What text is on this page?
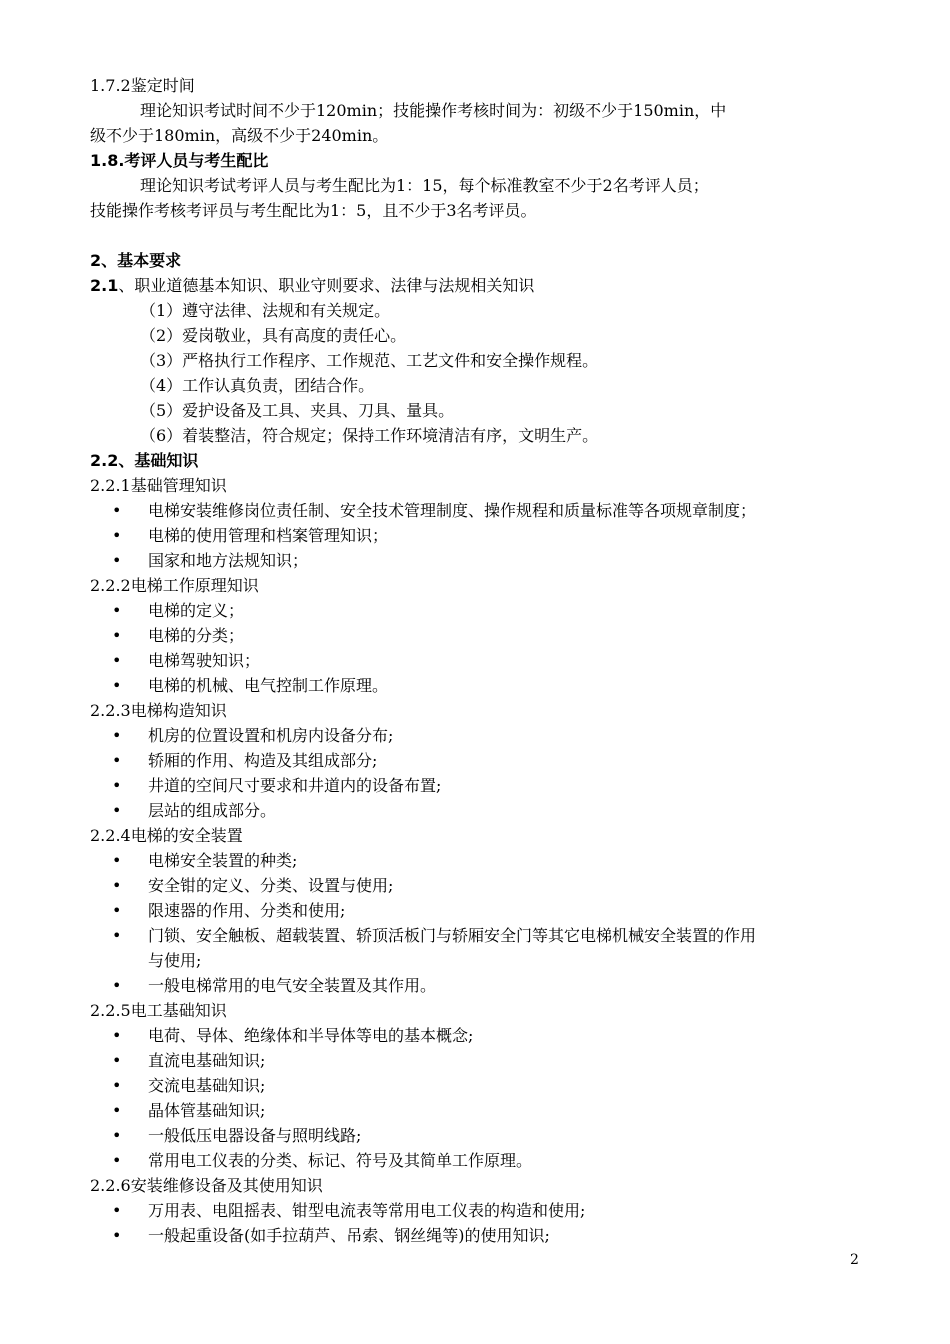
1.7.2鉴定时间
理论知识考试时间不少于120min；技能操作考核时间为：初级不少于150min，中
级不少于180min，高级不少于240min。
1.8.考评人员与考生配比
理论知识考试考评人员与考生配比为1：15，每个标准教室不少于2名考评人员；
技能操作考核考评员与考生配比为1：5，且不少于3名考评员。
2、基本要求
2.1、职业道德基本知识、职业守则要求、法律与法规相关知识
（1）遵守法律、法规和有关规定。
（2）爱岗敬业，具有高度的责任心。
（3）严格执行工作程序、工作规范、工艺文件和安全操作规程。
（4）工作认真负责，团结合作。
（5）爱护设备及工具、夹具、刀具、量具。
（6）着装整洁，符合规定；保持工作环境清洁有序，文明生产。
2.2、基础知识
2.2.1基础管理知识
• 电梯安装维修岗位责任制、安全技术管理制度、操作规程和质量标准等各项规章制度；
• 电梯的使用管理和档案管理知识；
• 国家和地方法规知识；
2.2.2电梯工作原理知识
• 电梯的定义；
• 电梯的分类；
• 电梯驾驶知识；
• 电梯的机械、电气控制工作原理。
2.2.3电梯构造知识
• 机房的位置设置和机房内设备分布;
• 轿厢的作用、构造及其组成部分;
• 井道的空间尺寸要求和井道内的设备布置;
• 层站的组成部分。
2.2.4电梯的安全装置
• 电梯安全装置的种类;
• 安全钳的定义、分类、设置与使用;
• 限速器的作用、分类和使用;
• 门锁、安全触板、超载装置、轿顶活板门与轿厢安全门等其它电梯机械安全装置的作用
与使用;
• 一般电梯常用的电气安全装置及其作用。
2.2.5电工基础知识
• 电荷、导体、绝缘体和半导体等电的基本概念;
• 直流电基础知识;
• 交流电基础知识;
• 晶体管基础知识;
• 一般低压电器设备与照明线路;
• 常用电工仪表的分类、标记、符号及其简单工作原理。
2.2.6安装维修设备及其使用知识
• 万用表、电阻摇表、钳型电流表等常用电工仪表的构造和使用;
• 一般起重设备(如手拉葫芦、吊索、钢丝绳等)的使用知识;
2
